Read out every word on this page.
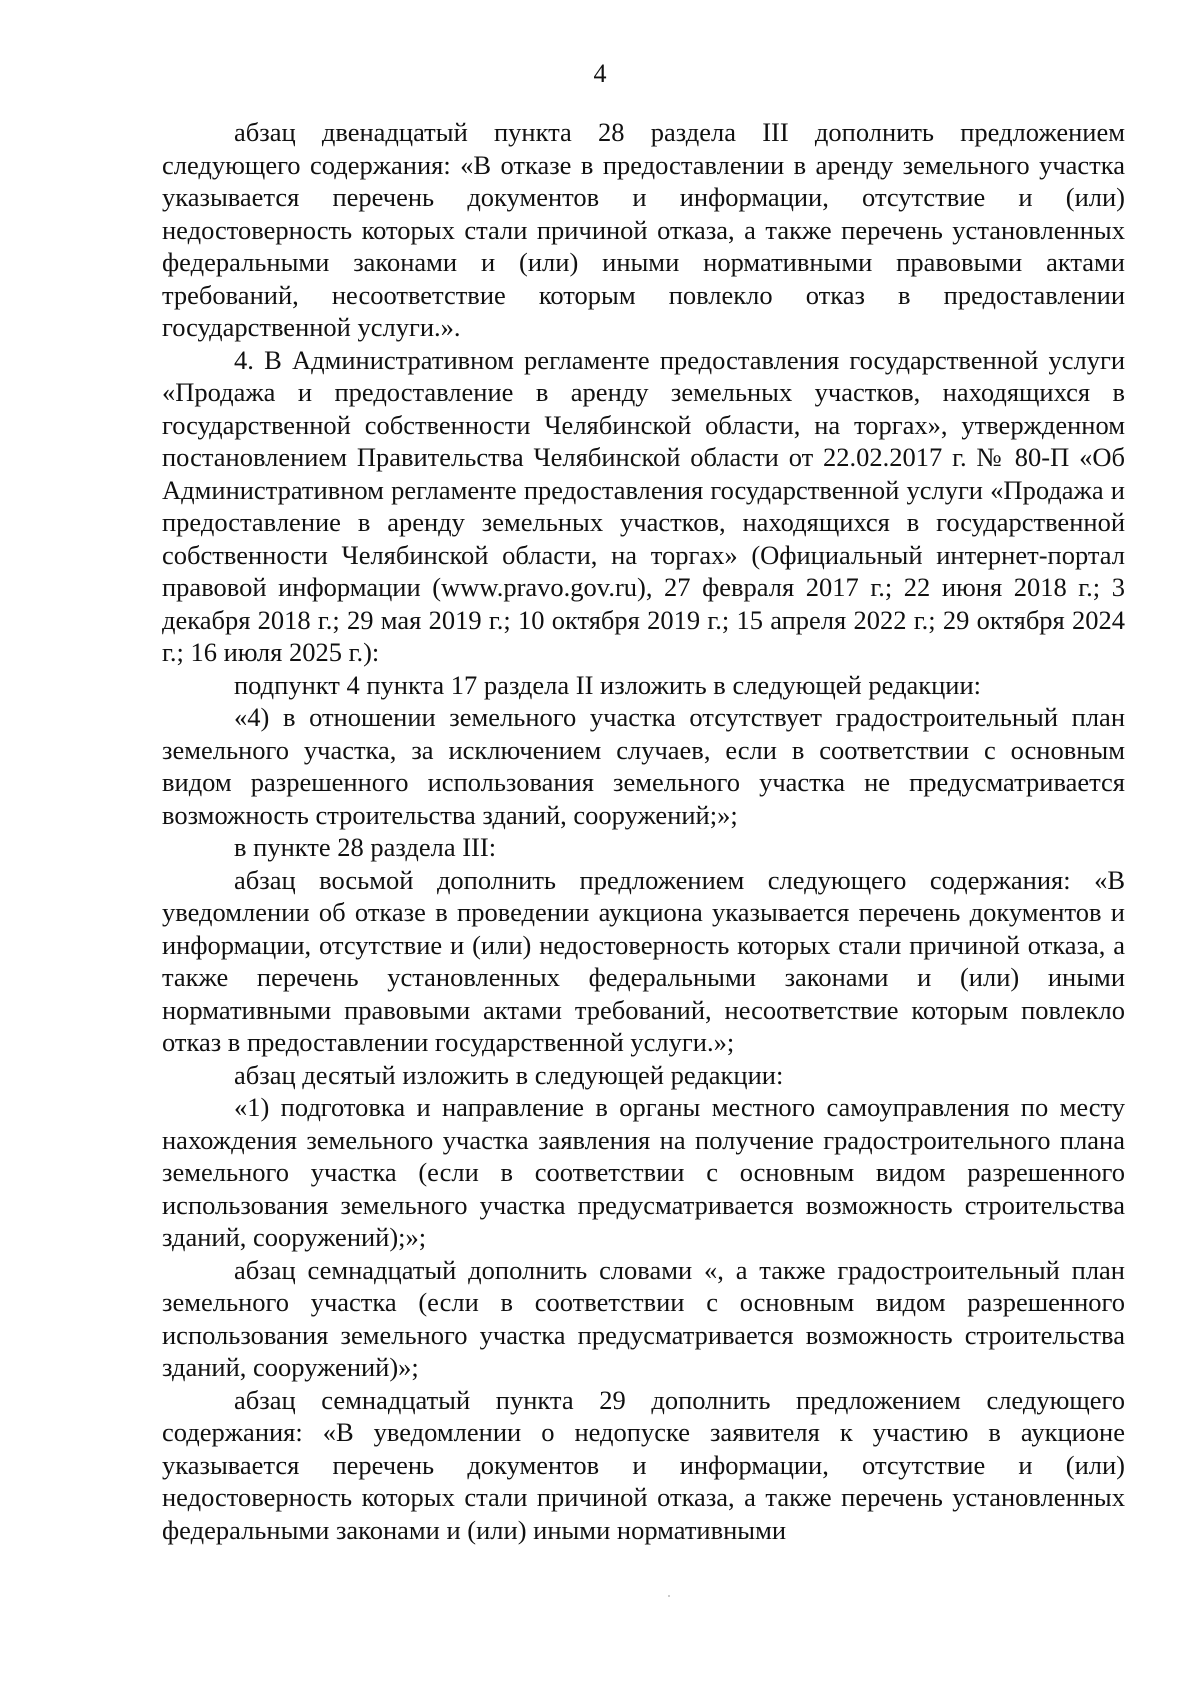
4

абзац двенадцатый пункта 28 раздела III дополнить предложением следующего содержания: «В отказе в предоставлении в аренду земельного участка указывается перечень документов и информации, отсутствие и (или) недостоверность которых стали причиной отказа, а также перечень установленных федеральными законами и (или) иными нормативными правовыми актами требований, несоответствие которым повлекло отказ в предоставлении государственной услуги.».

4. В Административном регламенте предоставления государственной услуги «Продажа и предоставление в аренду земельных участков, находящихся в государственной собственности Челябинской области, на торгах», утвержденном постановлением Правительства Челябинской области от 22.02.2017 г. № 80-П «Об Административном регламенте предоставления государственной услуги «Продажа и предоставление в аренду земельных участков, находящихся в государственной собственности Челябинской области, на торгах» (Официальный интернет-портал правовой информации (www.pravo.gov.ru), 27 февраля 2017 г.; 22 июня 2018 г.; 3 декабря 2018 г.; 29 мая 2019 г.; 10 октября 2019 г.; 15 апреля 2022 г.; 29 октября 2024 г.; 16 июля 2025 г.):

подпункт 4 пункта 17 раздела II изложить в следующей редакции:

«4) в отношении земельного участка отсутствует градостроительный план земельного участка, за исключением случаев, если в соответствии с основным видом разрешенного использования земельного участка не предусматривается возможность строительства зданий, сооружений;»;

в пункте 28 раздела III:

абзац восьмой дополнить предложением следующего содержания: «В уведомлении об отказе в проведении аукциона указывается перечень документов и информации, отсутствие и (или) недостоверность которых стали причиной отказа, а также перечень установленных федеральными законами и (или) иными нормативными правовыми актами требований, несоответствие которым повлекло отказ в предоставлении государственной услуги.»;

абзац десятый изложить в следующей редакции:

«1) подготовка и направление в органы местного самоуправления по месту нахождения земельного участка заявления на получение градостроительного плана земельного участка (если в соответствии с основным видом разрешенного использования земельного участка предусматривается возможность строительства зданий, сооружений);»;

абзац семнадцатый дополнить словами «, а также градостроительный план земельного участка (если в соответствии с основным видом разрешенного использования земельного участка предусматривается возможность строительства зданий, сооружений)»;

абзац семнадцатый пункта 29 дополнить предложением следующего содержания: «В уведомлении о недопуске заявителя к участию в аукционе указывается перечень документов и информации, отсутствие и (или) недостоверность которых стали причиной отказа, а также перечень установленных федеральными законами и (или) иными нормативными
